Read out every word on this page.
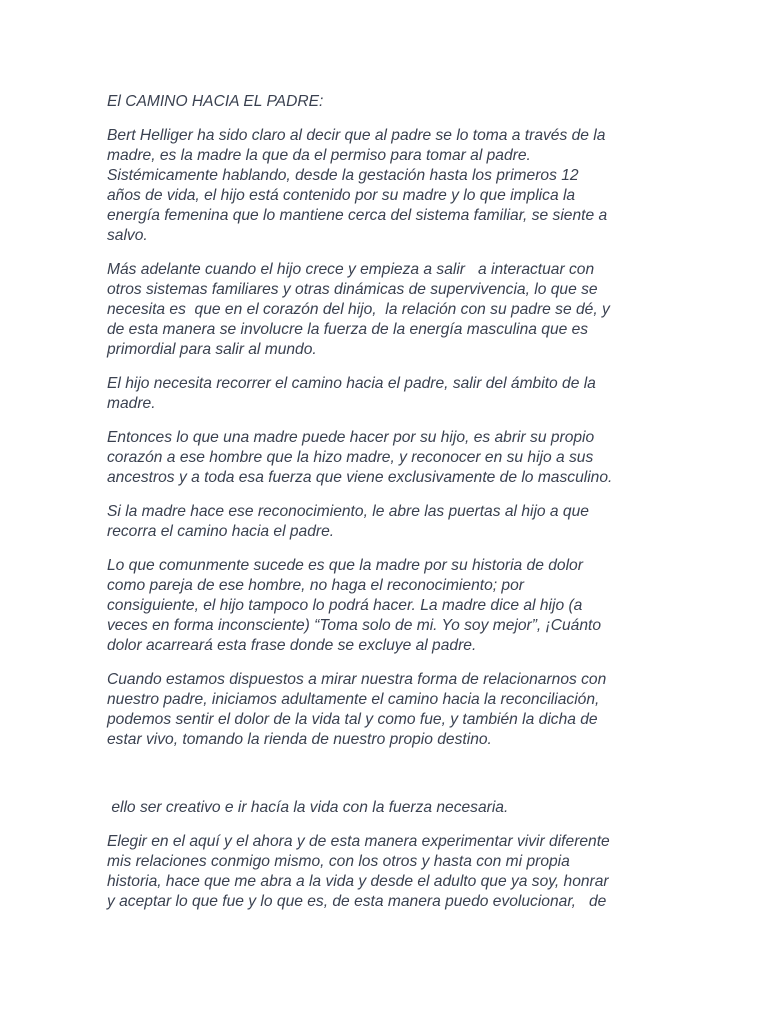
El CAMINO HACIA EL PADRE:

Bert Helliger ha sido claro al decir que al padre se lo toma a través de la
madre, es la madre la que da el permiso para tomar al padre.
Sistémicamente hablando, desde la gestación hasta los primeros 12
años de vida, el hijo está contenido por su madre y lo que implica la
energía femenina que lo mantiene cerca del sistema familiar, se siente a
salvo.

Más adelante cuando el hijo crece y empieza a salir   a interactuar con
otros sistemas familiares y otras dinámicas de supervivencia, lo que se
necesita es  que en el corazón del hijo,  la relación con su padre se dé, y
de esta manera se involucre la fuerza de la energía masculina que es
primordial para salir al mundo.

El hijo necesita recorrer el camino hacia el padre, salir del ámbito de la
madre.

Entonces lo que una madre puede hacer por su hijo, es abrir su propio
corazón a ese hombre que la hizo madre, y reconocer en su hijo a sus
ancestros y a toda esa fuerza que viene exclusivamente de lo masculino.

Si la madre hace ese reconocimiento, le abre las puertas al hijo a que
recorra el camino hacia el padre.

Lo que comunmente sucede es que la madre por su historia de dolor
como pareja de ese hombre, no haga el reconocimiento; por
consiguiente, el hijo tampoco lo podrá hacer. La madre dice al hijo (a
veces en forma inconsciente) “Toma solo de mi. Yo soy mejor”, ¡Cuánto
dolor acarreará esta frase donde se excluye al padre.

Cuando estamos dispuestos a mirar nuestra forma de relacionarnos con
nuestro padre, iniciamos adultamente el camino hacia la reconciliación,
podemos sentir el dolor de la vida tal y como fue, y también la dicha de
estar vivo, tomando la rienda de nuestro propio destino.

ello ser creativo e ir hacía la vida con la fuerza necesaria.

Elegir en el aquí y el ahora y de esta manera experimentar vivir diferente
mis relaciones conmigo mismo, con los otros y hasta con mi propia
historia, hace que me abra a la vida y desde el adulto que ya soy, honrar
y aceptar lo que fue y lo que es, de esta manera puedo evolucionar,   de
